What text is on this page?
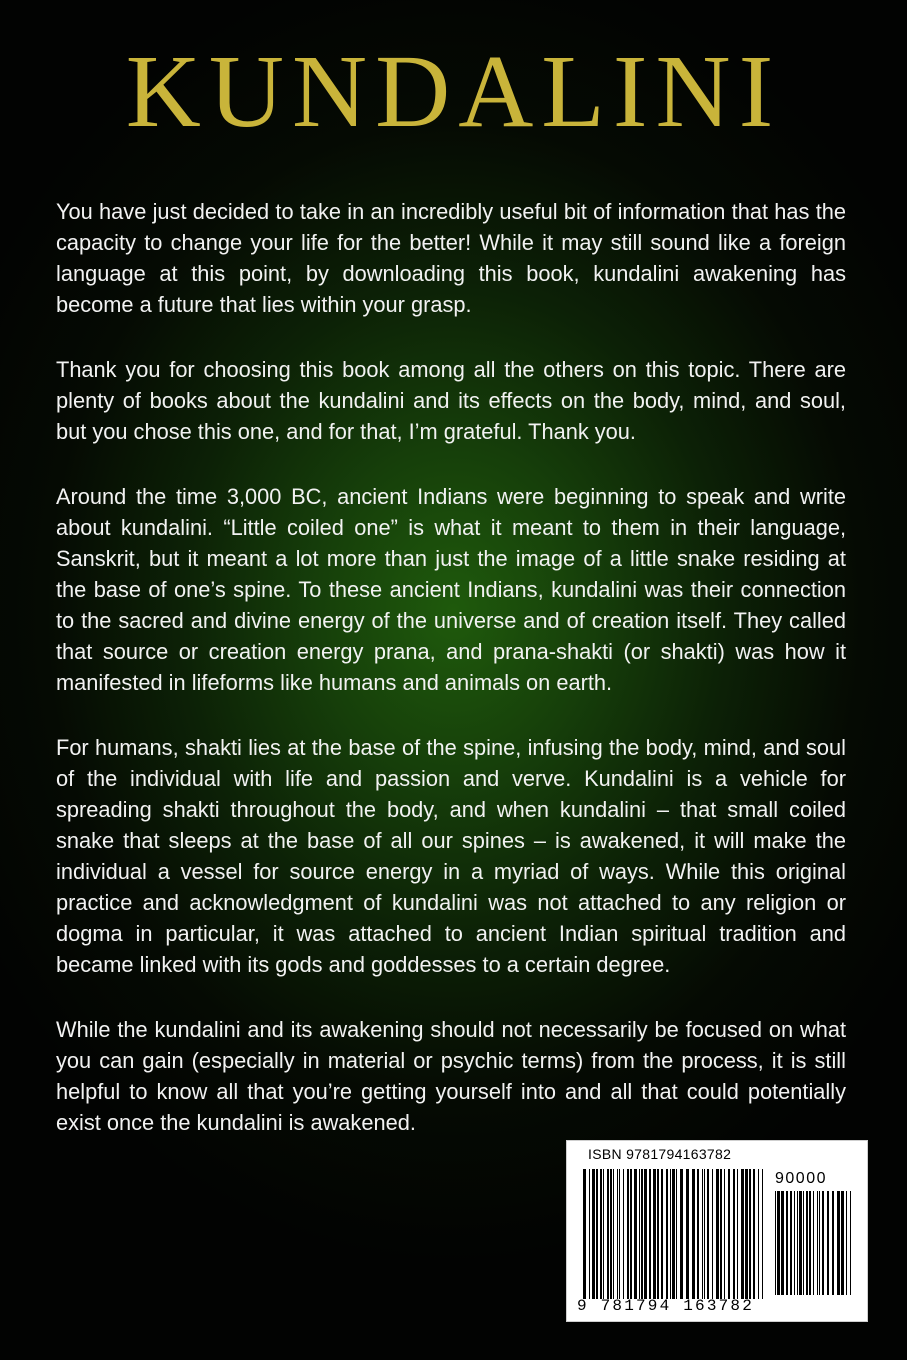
KUNDALINI

You have just decided to take in an incredibly useful bit of information that has the capacity to change your life for the better! While it may still sound like a foreign language at this point, by downloading this book, kundalini awakening has become a future that lies within your grasp.

Thank you for choosing this book among all the others on this topic. There are plenty of books about the kundalini and its effects on the body, mind, and soul, but you chose this one, and for that, I’m grateful. Thank you.

Around the time 3,000 BC, ancient Indians were beginning to speak and write about kundalini. “Little coiled one” is what it meant to them in their language, Sanskrit, but it meant a lot more than just the image of a little snake residing at the base of one’s spine. To these ancient Indians, kundalini was their connection to the sacred and divine energy of the universe and of creation itself. They called that source or creation energy prana, and prana-shakti (or shakti) was how it manifested in lifeforms like humans and animals on earth.

For humans, shakti lies at the base of the spine, infusing the body, mind, and soul of the individual with life and passion and verve. Kundalini is a vehicle for spreading shakti throughout the body, and when kundalini – that small coiled snake that sleeps at the base of all our spines – is awakened, it will make the individual a vessel for source energy in a myriad of ways. While this original practice and acknowledgment of kundalini was not attached to any religion or dogma in particular, it was attached to ancient Indian spiritual tradition and became linked with its gods and goddesses to a certain degree.

While the kundalini and its awakening should not necessarily be focused on what you can gain (especially in material or psychic terms) from the process, it is still helpful to know all that you’re getting yourself into and all that could potentially exist once the kundalini is awakened.

ISBN 9781794163782
90000
9 781794 163782
